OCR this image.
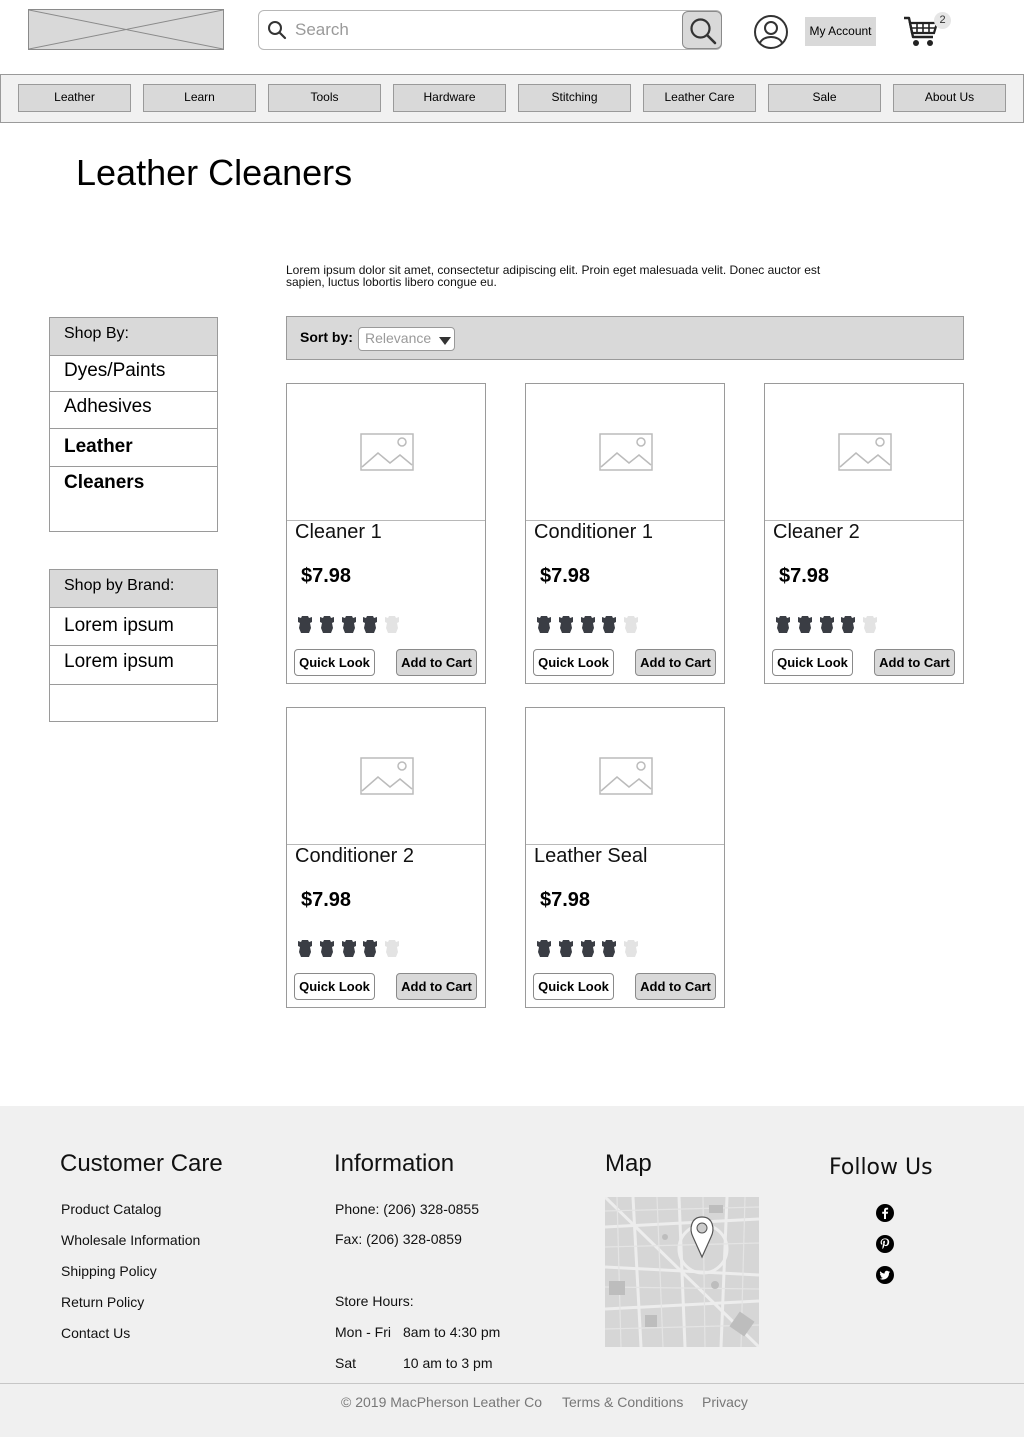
Search
My Account
2
Leather	Learn	Tools	Hardware	Stitching	Leather Care	Sale	About Us
Leather Cleaners

Lorem ipsum dolor sit amet, consectetur adipiscing elit. Proin eget malesuada velit. Donec auctor est sapien, luctus lobortis libero congue eu.

Shop By:
Dyes/Paints
Adhesives
Leather Cleaners
Shop by Brand:
Lorem ipsum
Lorem ipsum
Sort by: Relevance
Cleaner 1
$7.98
Quick Look	Add to Cart
Conditioner 1
$7.98
Quick Look	Add to Cart
Cleaner 2
$7.98
Quick Look	Add to Cart
Conditioner 2
$7.98
Quick Look	Add to Cart
Leather Seal
$7.98
Quick Look	Add to Cart
Customer Care
Product Catalog
Wholesale Information
Shipping Policy
Return Policy
Contact Us
Information
Phone: (206) 328-0855
Fax: (206) 328-0859
Store Hours:
Mon - Fri 8am to 4:30 pm
Sat	10 am to 3 pm
Map	Follow Us
© 2019 MacPherson Leather Co Terms & Conditions Privacy
